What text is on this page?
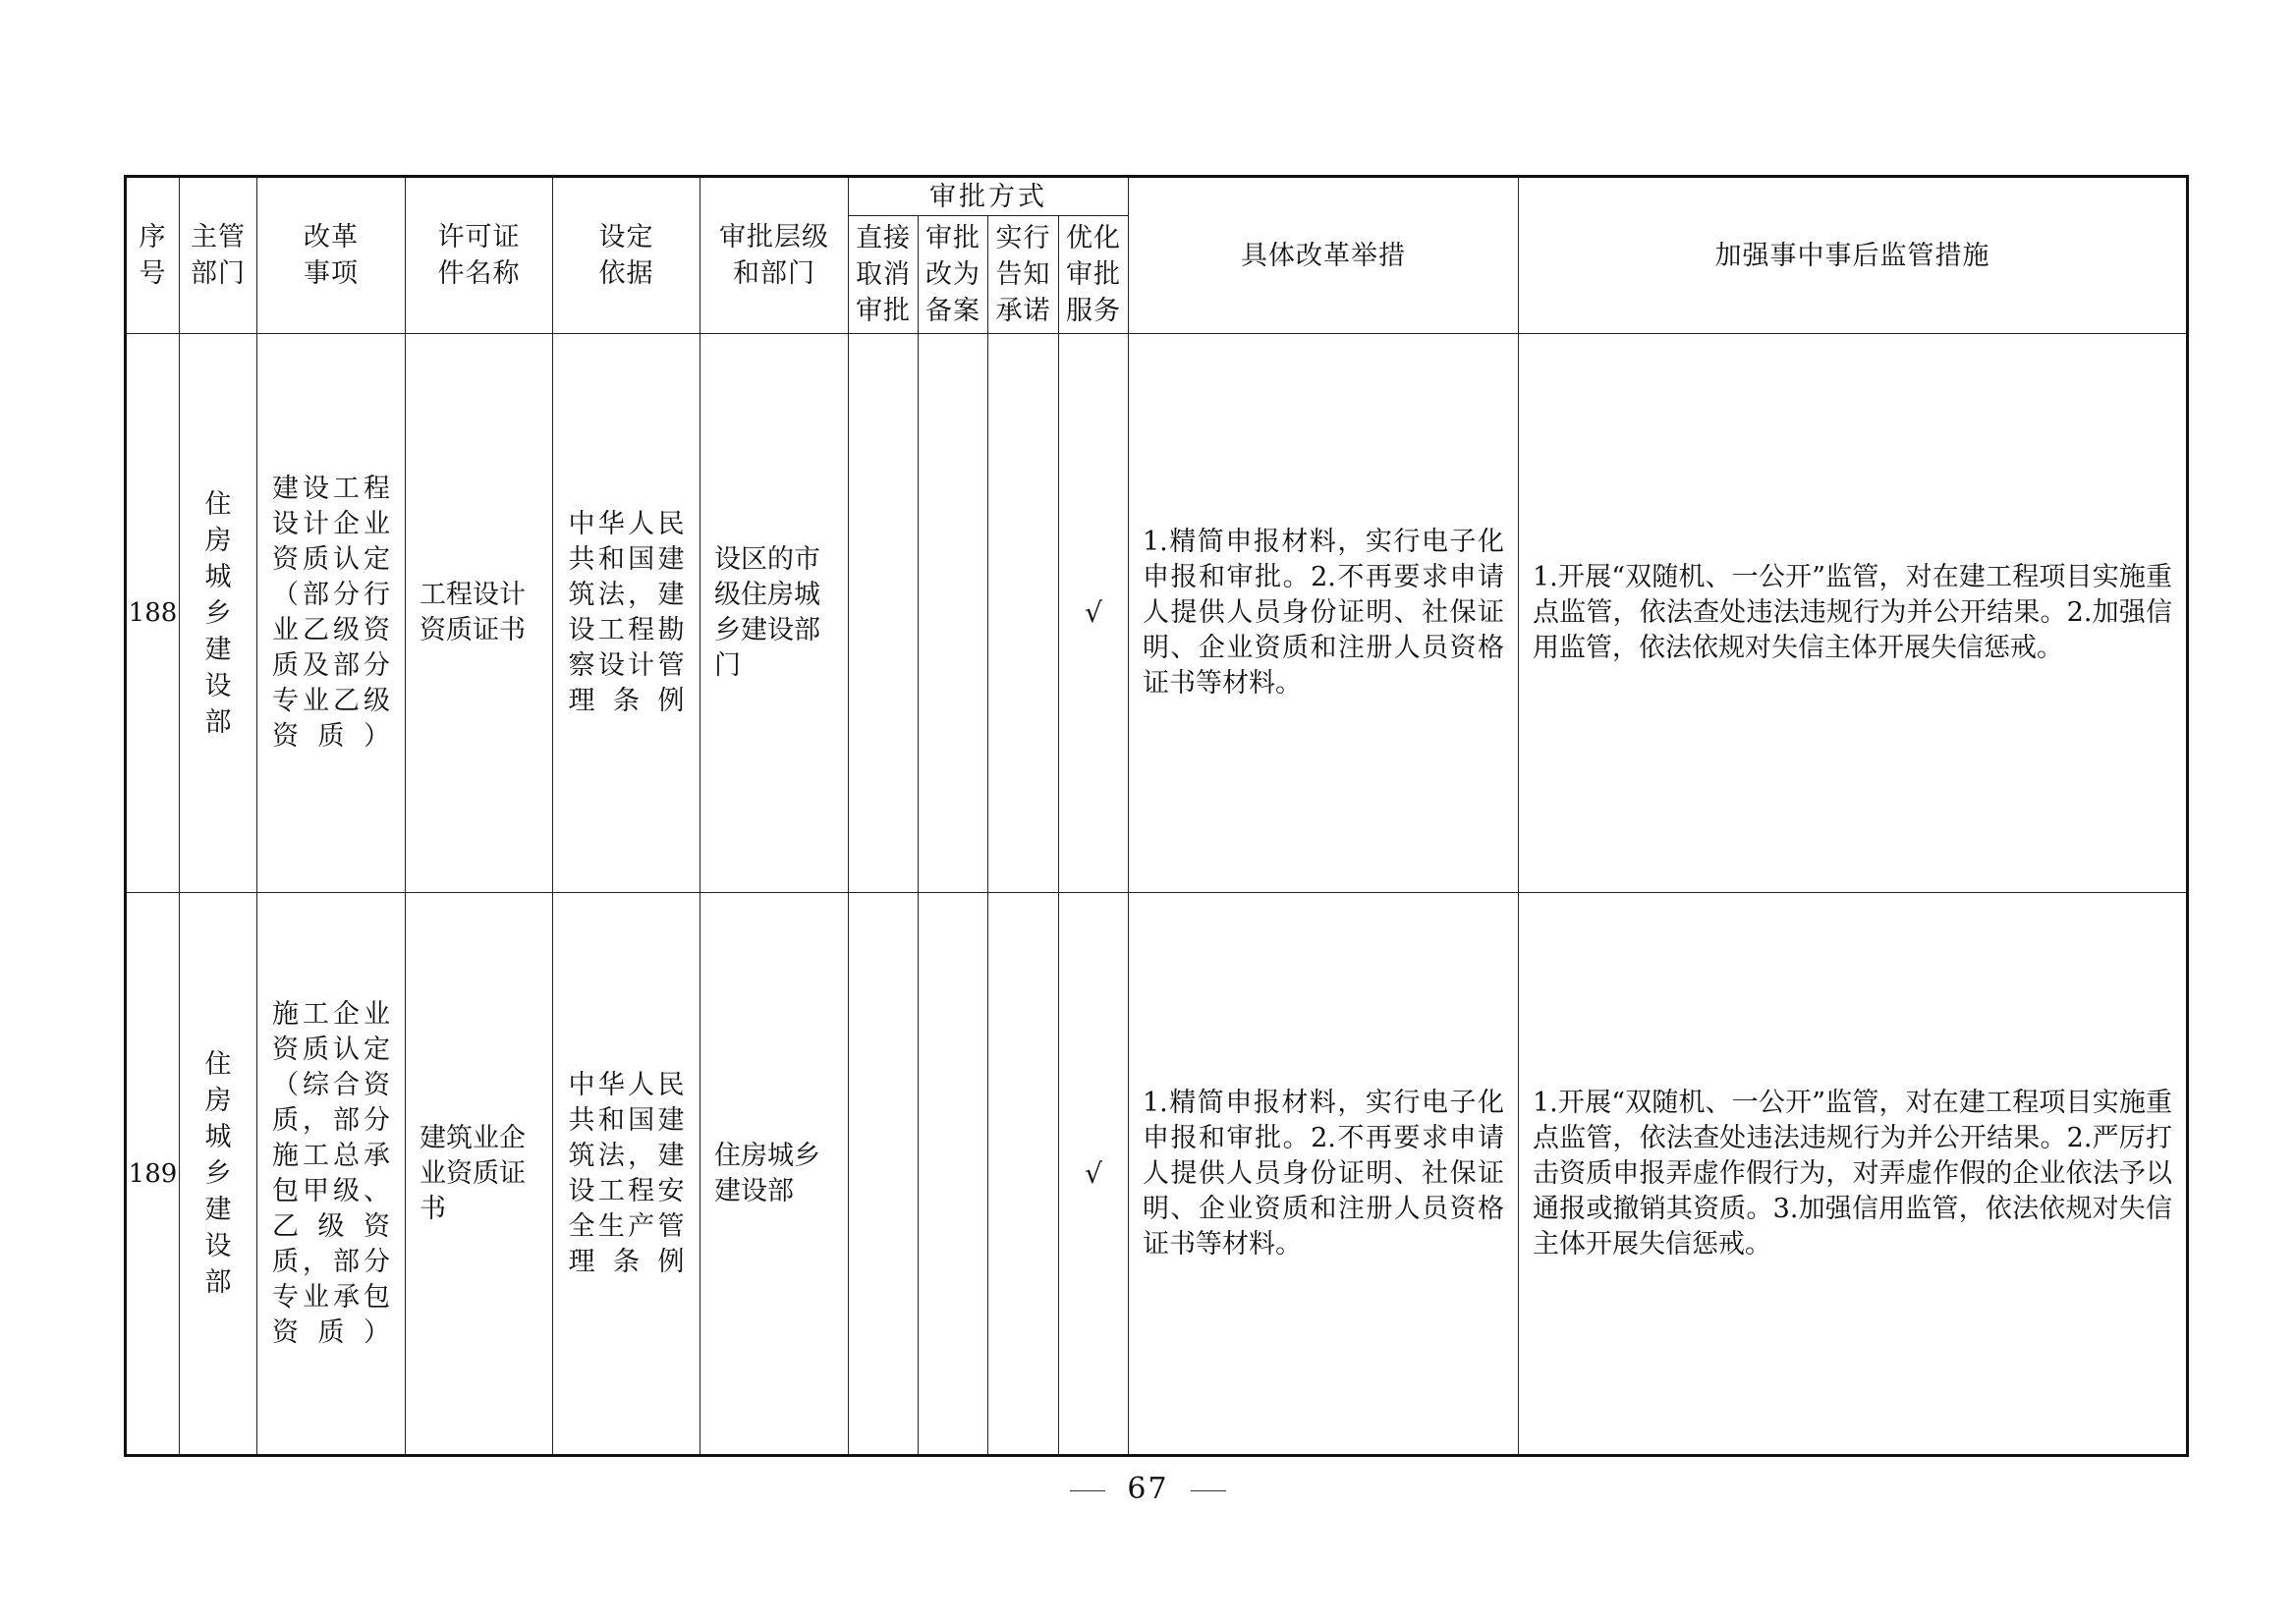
序号	主管部门	改革事项	许可证件名称	设定依据	审批层级和部门	审批方式				具体改革举措	加强事中事后监管措施

						直接取消审批	审批改为备案	实行告知承诺	优化审批服务		

188	住房城乡建设部	建设工程设计企业资质认定（部分行业乙级资质及部分专业乙级资质）	工程设计资质证书	中华人民共和国建筑法，建设工程勘察设计管理条例	设区的市级住房城乡建设部门				√	1.精简申报材料，实行电子化申报和审批。2.不再要求申请人提供人员身份证明、社保证明、企业资质和注册人员资格证书等材料。	1.开展“双随机、一公开”监管，对在建工程项目实施重点监管，依法查处违法违规行为并公开结果。2.加强信用监管，依法依规对失信主体开展失信惩戒。

189	住房城乡建设部	施工企业资质认定（综合资质，部分施工总承包甲级、乙级资质，部分专业承包资质）	建筑业企业资质证书	中华人民共和国建筑法，建设工程安全生产管理条例	住房城乡建设部				√	1.精简申报材料，实行电子化申报和审批。2.不再要求申请人提供人员身份证明、社保证明、企业资质和注册人员资格证书等材料。	1.开展“双随机、一公开”监管，对在建工程项目实施重点监管，依法查处违法违规行为并公开结果。2.严厉打击资质申报弄虚作假行为，对弄虚作假的企业依法予以通报或撤销其资质。3.加强信用监管，依法依规对失信主体开展失信惩戒。
67
